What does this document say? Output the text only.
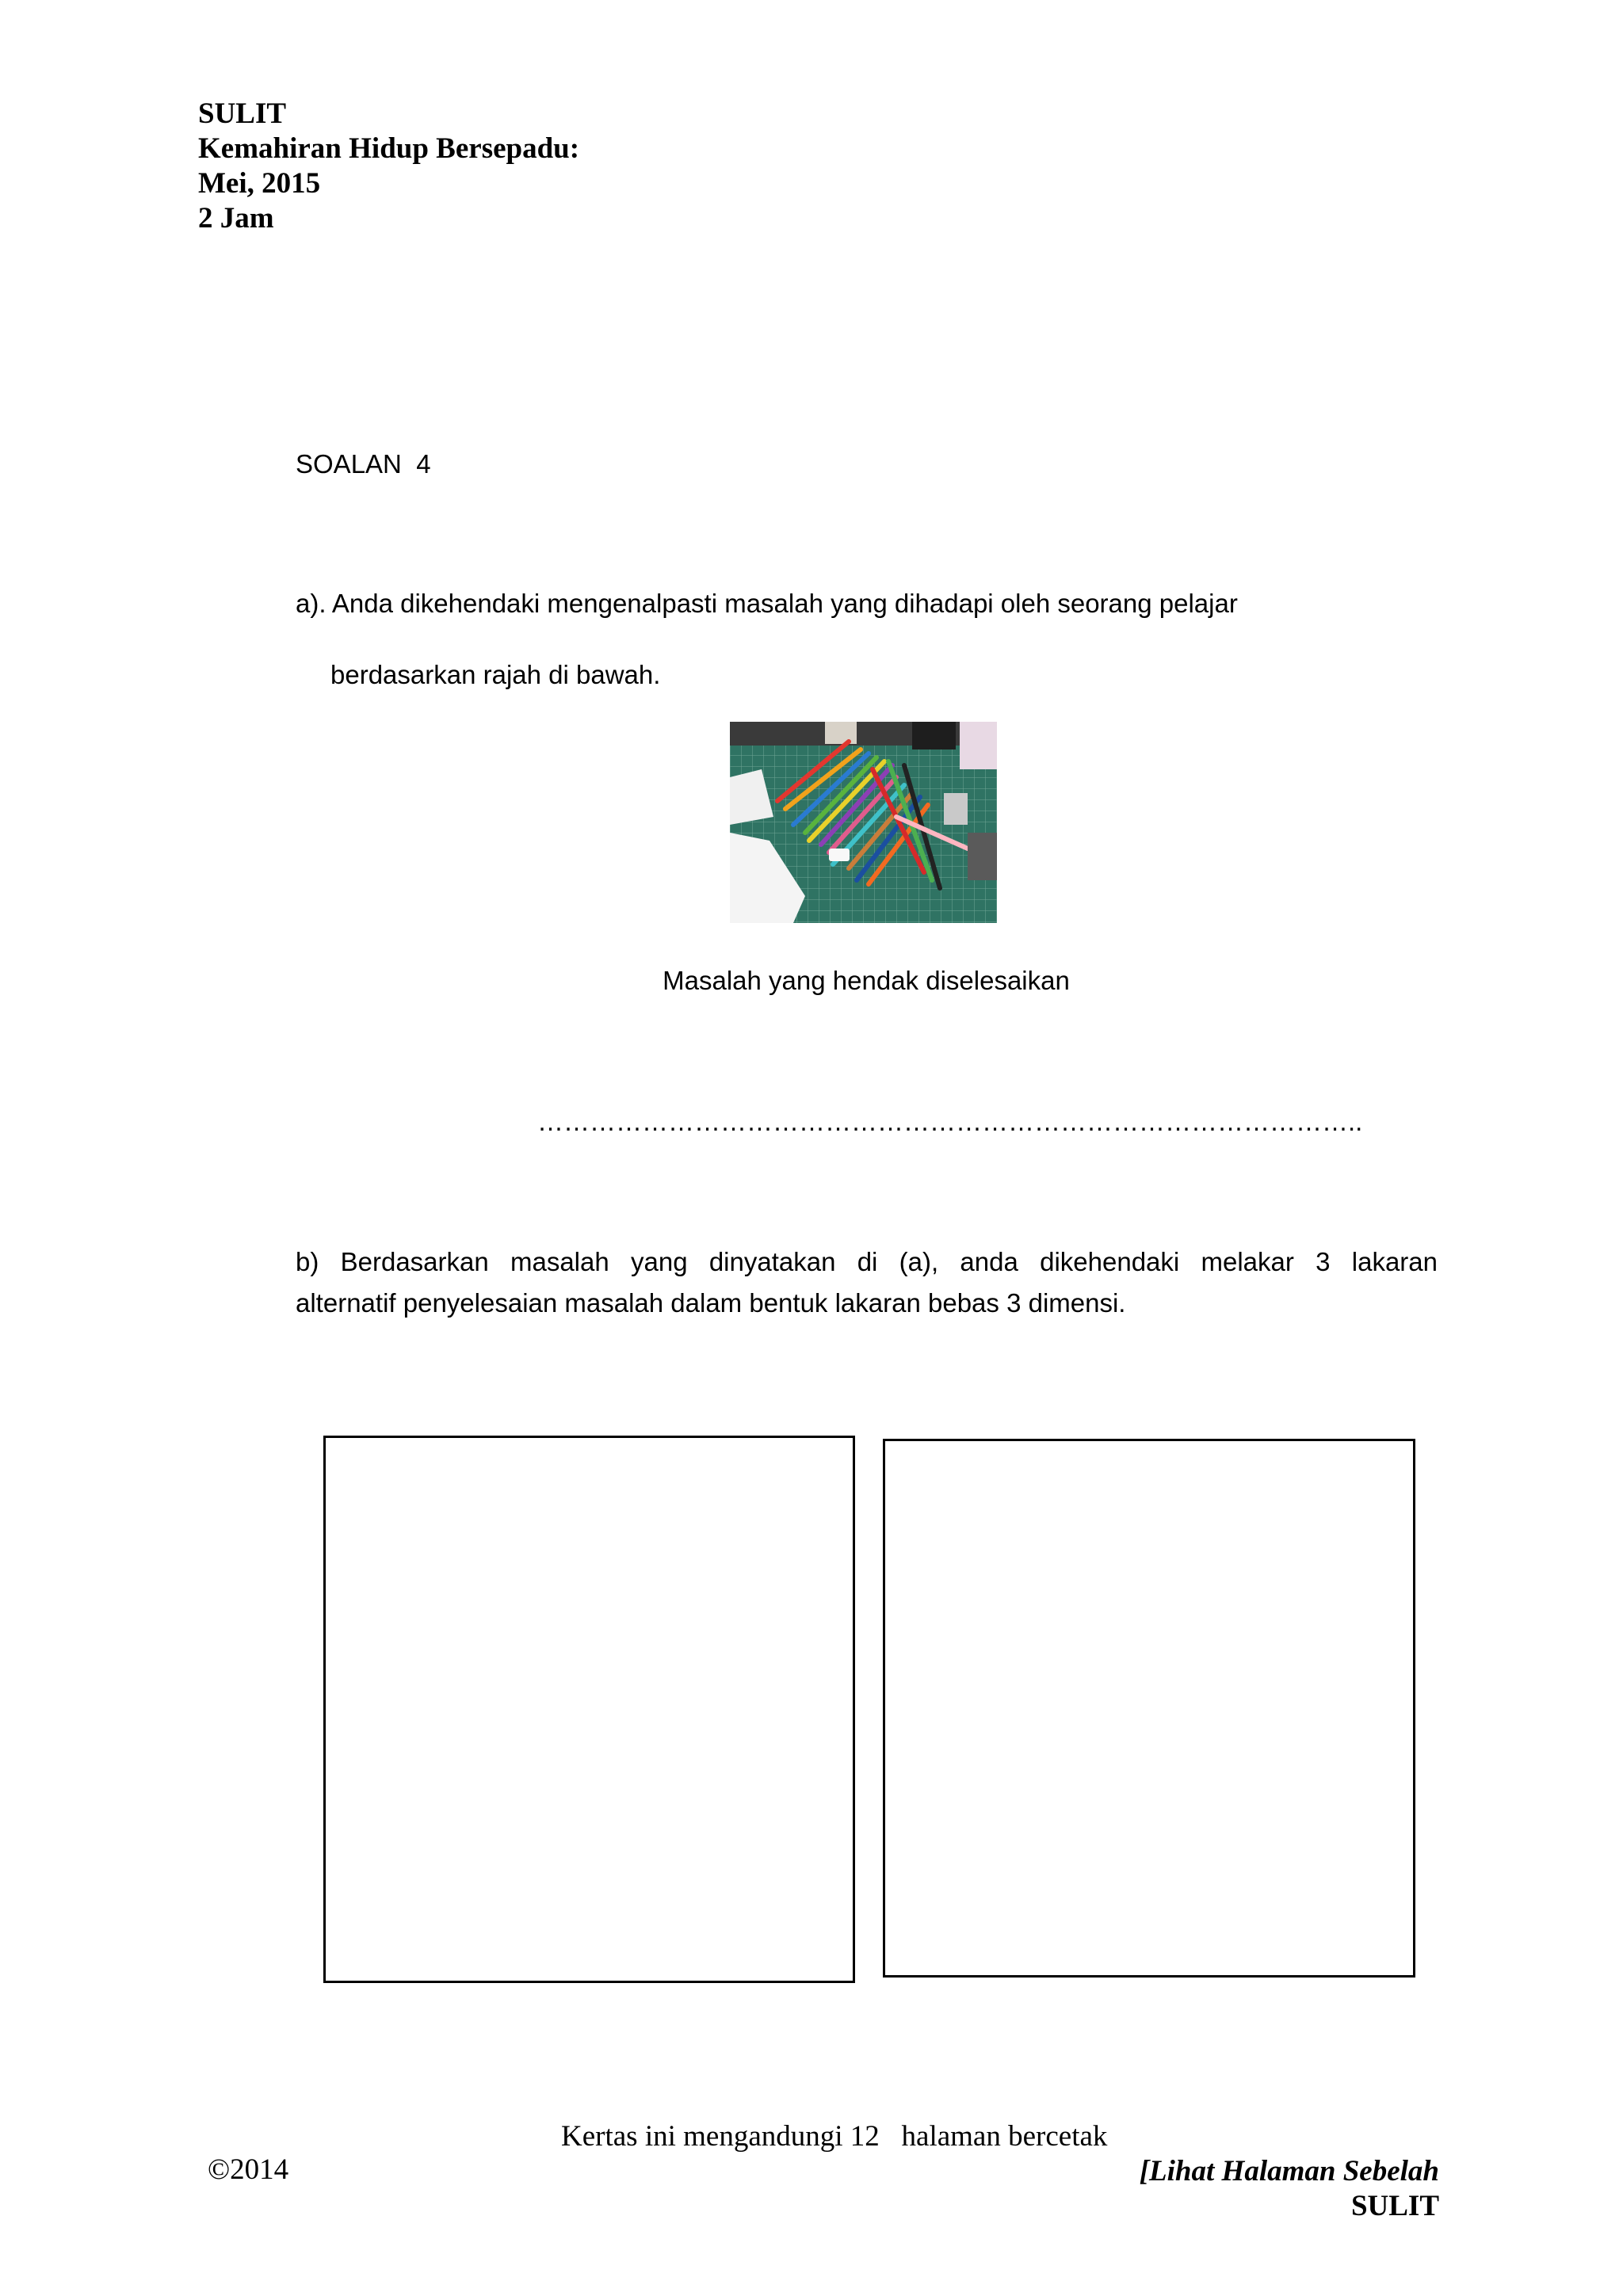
SULIT
Kemahiran Hidup Bersepadu:
Mei, 2015
2 Jam
SOALAN  4
a). Anda dikehendaki mengenalpasti masalah yang dihadapi oleh seorang pelajar
berdasarkan rajah di bawah.
Masalah yang hendak diselesaikan
…………………………………………………………………………………..
b) Berdasarkan masalah yang dinyatakan di (a), anda dikehendaki melakar 3 lakaran
alternatif penyelesaian masalah dalam bentuk lakaran bebas 3 dimensi.
Kertas ini mengandungi 12   halaman bercetak
©2014	[Lihat Halaman Sebelah
SULIT
